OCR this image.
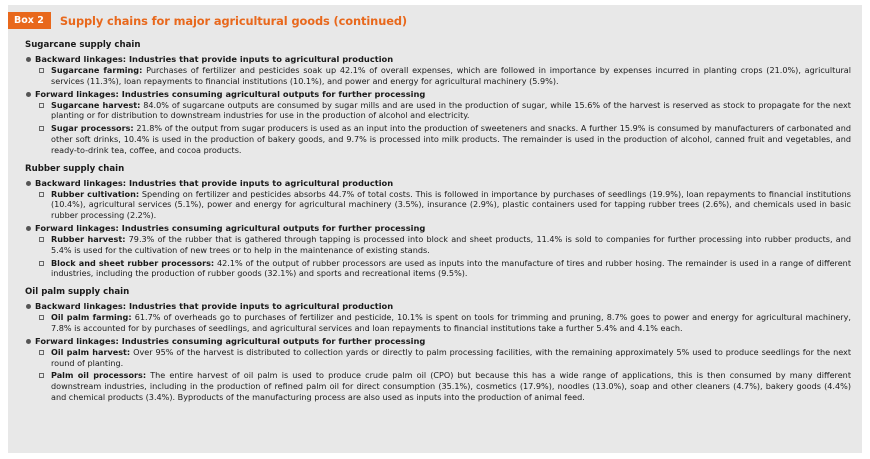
Box 2	Supply chains for major agricultural goods (continued)
Sugarcane supply chain
Backward linkages: Industries that provide inputs to agricultural production
Sugarcane farming: Purchases of fertilizer and pesticides soak up 42.1% of overall expenses, which are followed in importance by expenses incurred in planting crops (21.0%), agricultural services (11.3%), loan repayments to financial institutions (10.1%), and power and energy for agricultural machinery (5.9%).
Forward linkages: Industries consuming agricultural outputs for further processing
Sugarcane harvest: 84.0% of sugarcane outputs are consumed by sugar mills and are used in the production of sugar, while 15.6% of the harvest is reserved as stock to propagate for the next planting or for distribution to downstream industries for use in the production of alcohol and electricity.
Sugar processors: 21.8% of the output from sugar producers is used as an input into the production of sweeteners and snacks. A further 15.9% is consumed by manufacturers of carbonated and other soft drinks, 10.4% is used in the production of bakery goods, and 9.7% is processed into milk products. The remainder is used in the production of alcohol, canned fruit and vegetables, and ready-to-drink tea, coffee, and cocoa products.
Rubber supply chain
Backward linkages: Industries that provide inputs to agricultural production
Rubber cultivation: Spending on fertilizer and pesticides absorbs 44.7% of total costs. This is followed in importance by purchases of seedlings (19.9%), loan repayments to financial institutions (10.4%), agricultural services (5.1%), power and energy for agricultural machinery (3.5%), insurance (2.9%), plastic containers used for tapping rubber trees (2.6%), and chemicals used in basic rubber processing (2.2%).
Forward linkages: Industries consuming agricultural outputs for further processing
Rubber harvest: 79.3% of the rubber that is gathered through tapping is processed into block and sheet products, 11.4% is sold to companies for further processing into rubber products, and 5.4% is used for the cultivation of new trees or to help in the maintenance of existing stands.
Block and sheet rubber processors: 42.1% of the output of rubber processors are used as inputs into the manufacture of tires and rubber hosing. The remainder is used in a range of different industries, including the production of rubber goods (32.1%) and sports and recreational items (9.5%).
Oil palm supply chain
Backward linkages: Industries that provide inputs to agricultural production
Oil palm farming: 61.7% of overheads go to purchases of fertilizer and pesticide, 10.1% is spent on tools for trimming and pruning, 8.7% goes to power and energy for agricultural machinery, 7.8% is accounted for by purchases of seedlings, and agricultural services and loan repayments to financial institutions take a further 5.4% and 4.1% each.
Forward linkages: Industries consuming agricultural outputs for further processing
Oil palm harvest: Over 95% of the harvest is distributed to collection yards or directly to palm processing facilities, with the remaining approximately 5% used to produce seedlings for the next round of planting.
Palm oil processors: The entire harvest of oil palm is used to produce crude palm oil (CPO) but because this has a wide range of applications, this is then consumed by many different downstream industries, including in the production of refined palm oil for direct consumption (35.1%), cosmetics (17.9%), noodles (13.0%), soap and other cleaners (4.7%), bakery goods (4.4%) and chemical products (3.4%). Byproducts of the manufacturing process are also used as inputs into the production of animal feed.
